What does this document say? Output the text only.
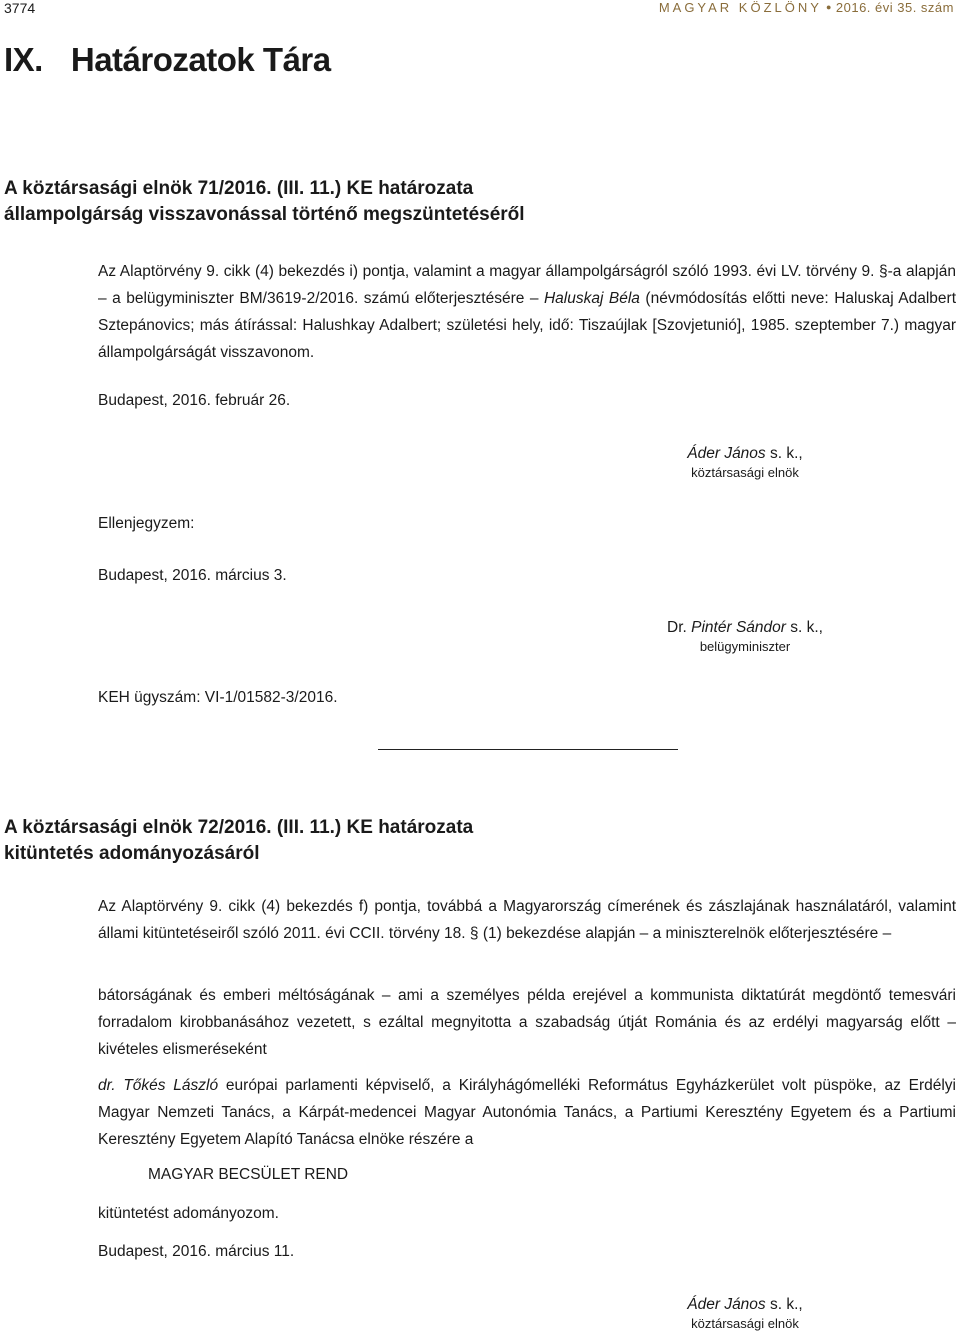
3774	MAGYAR KÖZLÖNY ● 2016. évi 35. szám
IX. Határozatok Tára
A köztársasági elnök 71/2016. (III. 11.) KE határozata
állampolgárság visszavonással történő megszüntetéséről
Az Alaptörvény 9. cikk (4) bekezdés i) pontja, valamint a magyar állampolgárságról szóló 1993. évi LV. törvény 9. §-a alapján – a belügyminiszter BM/3619-2/2016. számú előterjesztésére – Haluskaj Béla (névmódosítás előtti neve: Haluskaj Adalbert Sztepánovics; más átírással: Halushkay Adalbert; születési hely, idő: Tiszaújlak [Szovjetunió], 1985. szeptember 7.) magyar állampolgárságát visszavonom.
Budapest, 2016. február 26.
Áder János s. k.,
köztársasági elnök
Ellenjegyzem:
Budapest, 2016. március 3.
Dr. Pintér Sándor s. k.,
belügyminiszter
KEH ügyszám: VI-1/01582-3/2016.
A köztársasági elnök 72/2016. (III. 11.) KE határozata
kitüntetés adományozásáról
Az Alaptörvény 9. cikk (4) bekezdés f) pontja, továbbá a Magyarország címerének és zászlajának használatáról, valamint állami kitüntetéseiről szóló 2011. évi CCII. törvény 18. § (1) bekezdése alapján – a miniszterelnök előterjesztésére –
bátorságának és emberi méltóságának – ami a személyes példa erejével a kommunista diktatúrát megdöntő temesvári forradalom kirobbanásához vezetett, s ezáltal megnyitotta a szabadság útját Románia és az erdélyi magyarság előtt – kivételes elismeréseként
dr. Tőkés László európai parlamenti képviselő, a Királyhágómelléki Református Egyházkerület volt püspöke, az Erdélyi Magyar Nemzeti Tanács, a Kárpát-medencei Magyar Autonómia Tanács, a Partiumi Keresztény Egyetem és a Partiumi Keresztény Egyetem Alapító Tanácsa elnöke részére a
MAGYAR BECSÜLET REND
kitüntetést adományozom.
Budapest, 2016. március 11.
Áder János s. k.,
köztársasági elnök
